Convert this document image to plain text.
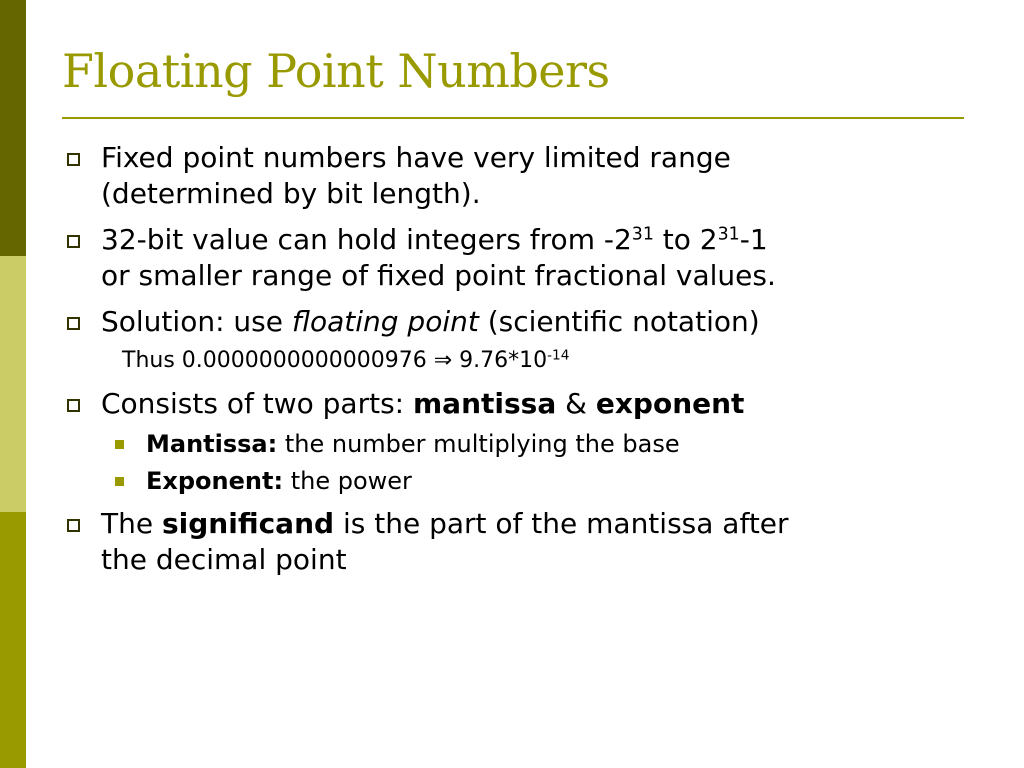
Floating Point Numbers
Fixed point numbers have very limited range
(determined by bit length).
32-bit value can hold integers from $-2^{31}$ to $2^{31}-1$
or smaller range of fixed point fractional values.
Solution: use floating point (scientific notation)
Thus 0.0000000000000976 ⇒ $9.76*10^{-14}$
Consists of two parts: mantissa & exponent
Mantissa: the number multiplying the base
Exponent: the power
The significand is the part of the mantissa after
the decimal point
